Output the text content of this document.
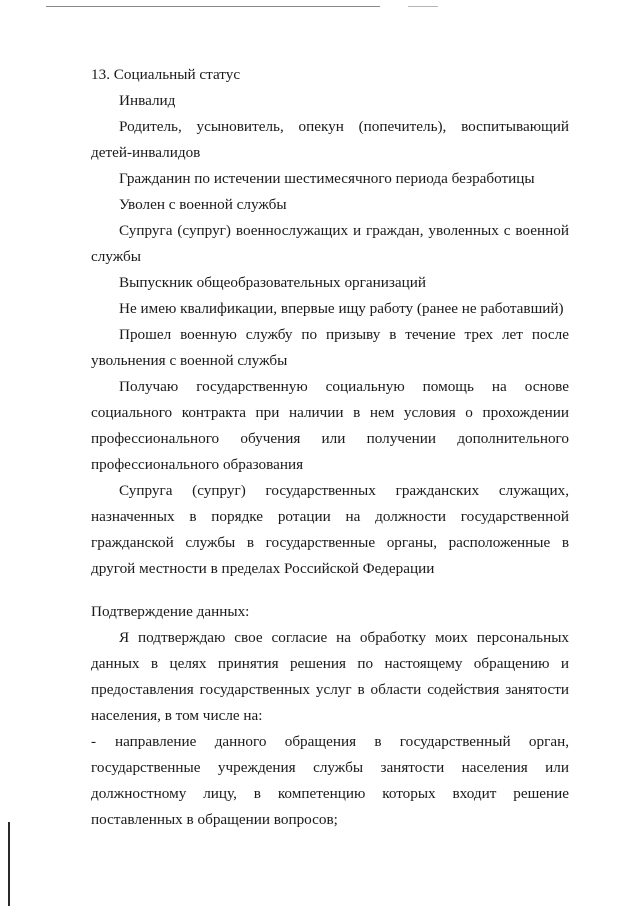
13. Социальный статус

Инвалид
Родитель, усыновитель, опекун (попечитель), воспитывающий детей-инвалидов
Гражданин по истечении шестимесячного периода безработицы
Уволен с военной службы
Супруга (супруг) военнослужащих и граждан, уволенных с военной службы
Выпускник общеобразовательных организаций
Не имею квалификации, впервые ищу работу (ранее не работавший)
Прошел военную службу по призыву в течение трех лет после увольнения с военной службы
Получаю государственную социальную помощь на основе социального контракта при наличии в нем условия о прохождении профессионального обучения или получении дополнительного профессионального образования
Супруга (супруг) государственных гражданских служащих, назначенных в порядке ротации на должности государственной гражданской службы в государственные органы, расположенные в другой местности в пределах Российской Федерации

Подтверждение данных:

Я подтверждаю свое согласие на обработку моих персональных данных в целях принятия решения по настоящему обращению и предоставления государственных услуг в области содействия занятости населения, в том числе на:

- направление данного обращения в государственный орган, государственные учреждения службы занятости населения или должностному лицу, в компетенцию которых входит решение поставленных в обращении вопросов;
